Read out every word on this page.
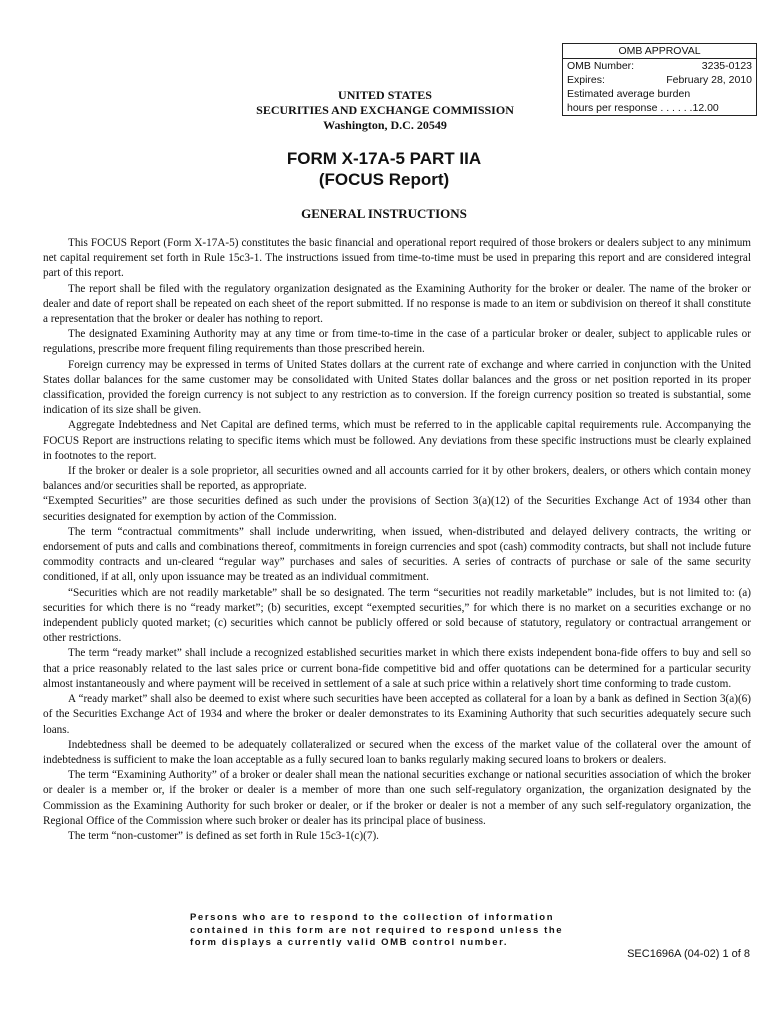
OMB APPROVAL
OMB Number:	3235-0123
Expires:	February 28, 2010
Estimated average burden
hours per response . . . . . .12.00
UNITED STATES
SECURITIES AND EXCHANGE COMMISSION
Washington, D.C. 20549
FORM X-17A-5 PART IIA
(FOCUS Report)
GENERAL INSTRUCTIONS

This FOCUS Report (Form X-17A-5) constitutes the basic financial and operational report required of those brokers or dealers subject to any minimum net capital requirement set forth in Rule 15c3-1. The instructions issued from time-to-time must be used in preparing this report and are considered integral part of this report.

The report shall be filed with the regulatory organization designated as the Examining Authority for the broker or dealer. The name of the broker or dealer and date of report shall be repeated on each sheet of the report submitted. If no response is made to an item or subdivision on thereof it shall constitute a representation that the broker or dealer has nothing to report.

The designated Examining Authority may at any time or from time-to-time in the case of a particular broker or dealer, subject to applicable rules or regulations, prescribe more frequent filing requirements than those prescribed herein.

Foreign currency may be expressed in terms of United States dollars at the current rate of exchange and where carried in conjunction with the United States dollar balances for the same customer may be consolidated with United States dollar balances and the gross or net position reported in its proper classification, provided the foreign currency is not subject to any restriction as to conversion. If the foreign currency position so treated is substantial, some indication of its size shall be given.

Aggregate Indebtedness and Net Capital are defined terms, which must be referred to in the applicable capital requirements rule. Accompanying the FOCUS Report are instructions relating to specific items which must be followed. Any deviations from these specific instructions must be clearly explained in footnotes to the report.

If the broker or dealer is a sole proprietor, all securities owned and all accounts carried for it by other brokers, dealers, or others which contain money balances and/or securities shall be reported, as appropriate.

“Exempted Securities” are those securities defined as such under the provisions of Section 3(a)(12) of the Securities Exchange Act of 1934 other than securities designated for exemption by action of the Commission.

The term “contractual commitments” shall include underwriting, when issued, when-distributed and delayed delivery contracts, the writing or endorsement of puts and calls and combinations thereof, commitments in foreign currencies and spot (cash) commodity contracts, but shall not include future commodity contracts and un-cleared “regular way” purchases and sales of securities. A series of contracts of purchase or sale of the same security conditioned, if at all, only upon issuance may be treated as an individual commitment.

“Securities which are not readily marketable” shall be so designated. The term “securities not readily marketable” includes, but is not limited to: (a) securities for which there is no “ready market”; (b) securities, except “exempted securities,” for which there is no market on a securities exchange or no independent publicly quoted market; (c) securities which cannot be publicly offered or sold because of statutory, regulatory or contractual arrangement or other restrictions.

The term “ready market” shall include a recognized established securities market in which there exists independent bona-fide offers to buy and sell so that a price reasonably related to the last sales price or current bona-fide competitive bid and offer quotations can be determined for a particular security almost instantaneously and where payment will be received in settlement of a sale at such price within a relatively short time conforming to trade custom.

A “ready market” shall also be deemed to exist where such securities have been accepted as collateral for a loan by a bank as defined in Section 3(a)(6) of the Securities Exchange Act of 1934 and where the broker or dealer demonstrates to its Examining Authority that such securities adequately secure such loans.

Indebtedness shall be deemed to be adequately collateralized or secured when the excess of the market value of the collateral over the amount of indebtedness is sufficient to make the loan acceptable as a fully secured loan to banks regularly making secured loans to brokers or dealers.

The term “Examining Authority” of a broker or dealer shall mean the national securities exchange or national securities association of which the broker or dealer is a member or, if the broker or dealer is a member of more than one such self-regulatory organization, the organization designated by the Commission as the Examining Authority for such broker or dealer, or if the broker or dealer is not a member of any such self-regulatory organization, the Regional Office of the Commission where such broker or dealer has its principal place of business.

The term “non-customer” is defined as set forth in Rule 15c3-1(c)(7).

Persons who are to respond to the collection of information contained in this form are not required to respond unless the form displays a currently valid OMB control number.
SEC1696A (04-02) 1 of 8
